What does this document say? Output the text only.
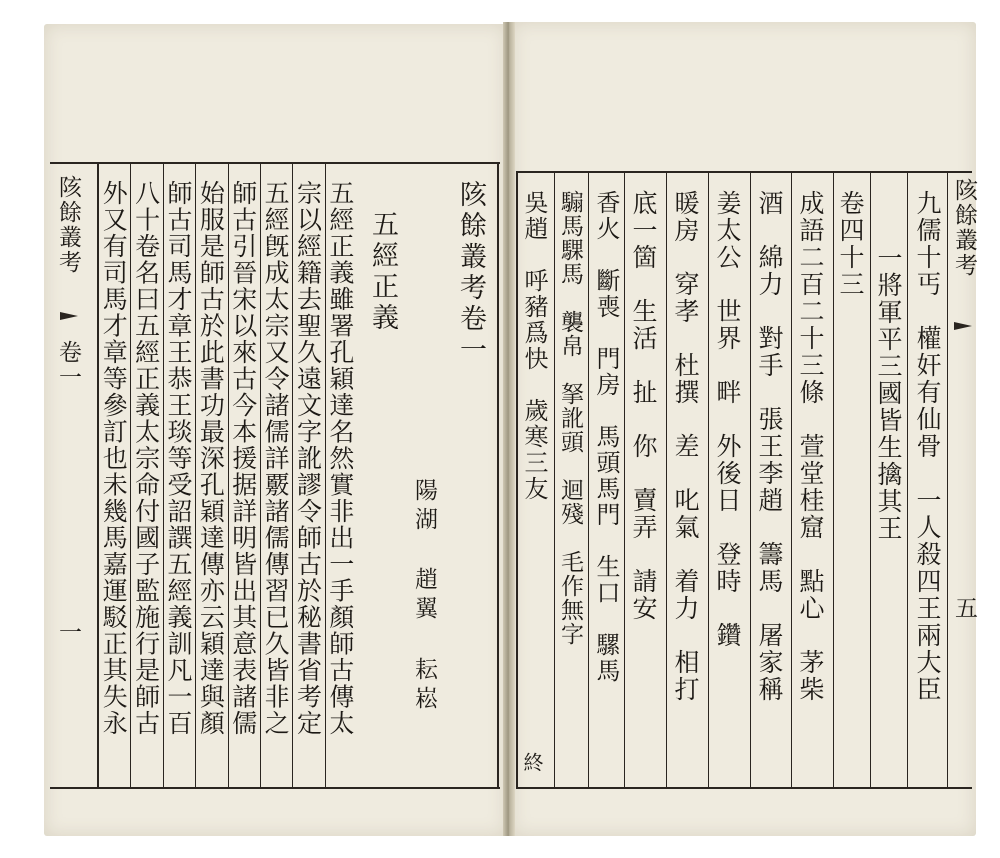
陔餘叢考
卷一
一
陔餘叢考卷一
陽湖
趙翼
耘崧
五經正義	陔餘叢考
五
九儒十丐　權奸有仙骨　一人殺四王兩大臣
一將軍平三國皆生擒其王
卷四十三
成語二百二十三條　萱堂桂窟　點心　茅柴
酒　綿力　對手　張王李趙　籌馬　屠家稱
姜太公　世界　畔　外後日　登時　鑽
暖房　穿孝　杜撰　差　叱氣　着力　相打
底一箇　生活　扯　你　賣弄　請安
香火　斷喪　門房　馬頭馬門　生口　騾馬
騸馬騍馬　襲帛　拏訛頭　迴殘　毛作無字
吳趙　呼豬爲快　歲寒三友
終
五經正義雖署孔穎達名然實非出一手顏師古傳太
宗以經籍去聖久遠文字訛謬令師古於秘書省考定
五經旣成太宗又令諸儒詳覈諸儒傳習已久皆非之
師古引晉宋以來古今本援据詳明皆出其意表諸儒
始服是師古於此書功最深孔穎達傳亦云穎達與顏
師古司馬才章王恭王琰等受詔譔五經義訓凡一百
八十卷名曰五經正義太宗命付國子監施行是師古
外又有司馬才章等參訂也未幾馬嘉運駁正其失永
